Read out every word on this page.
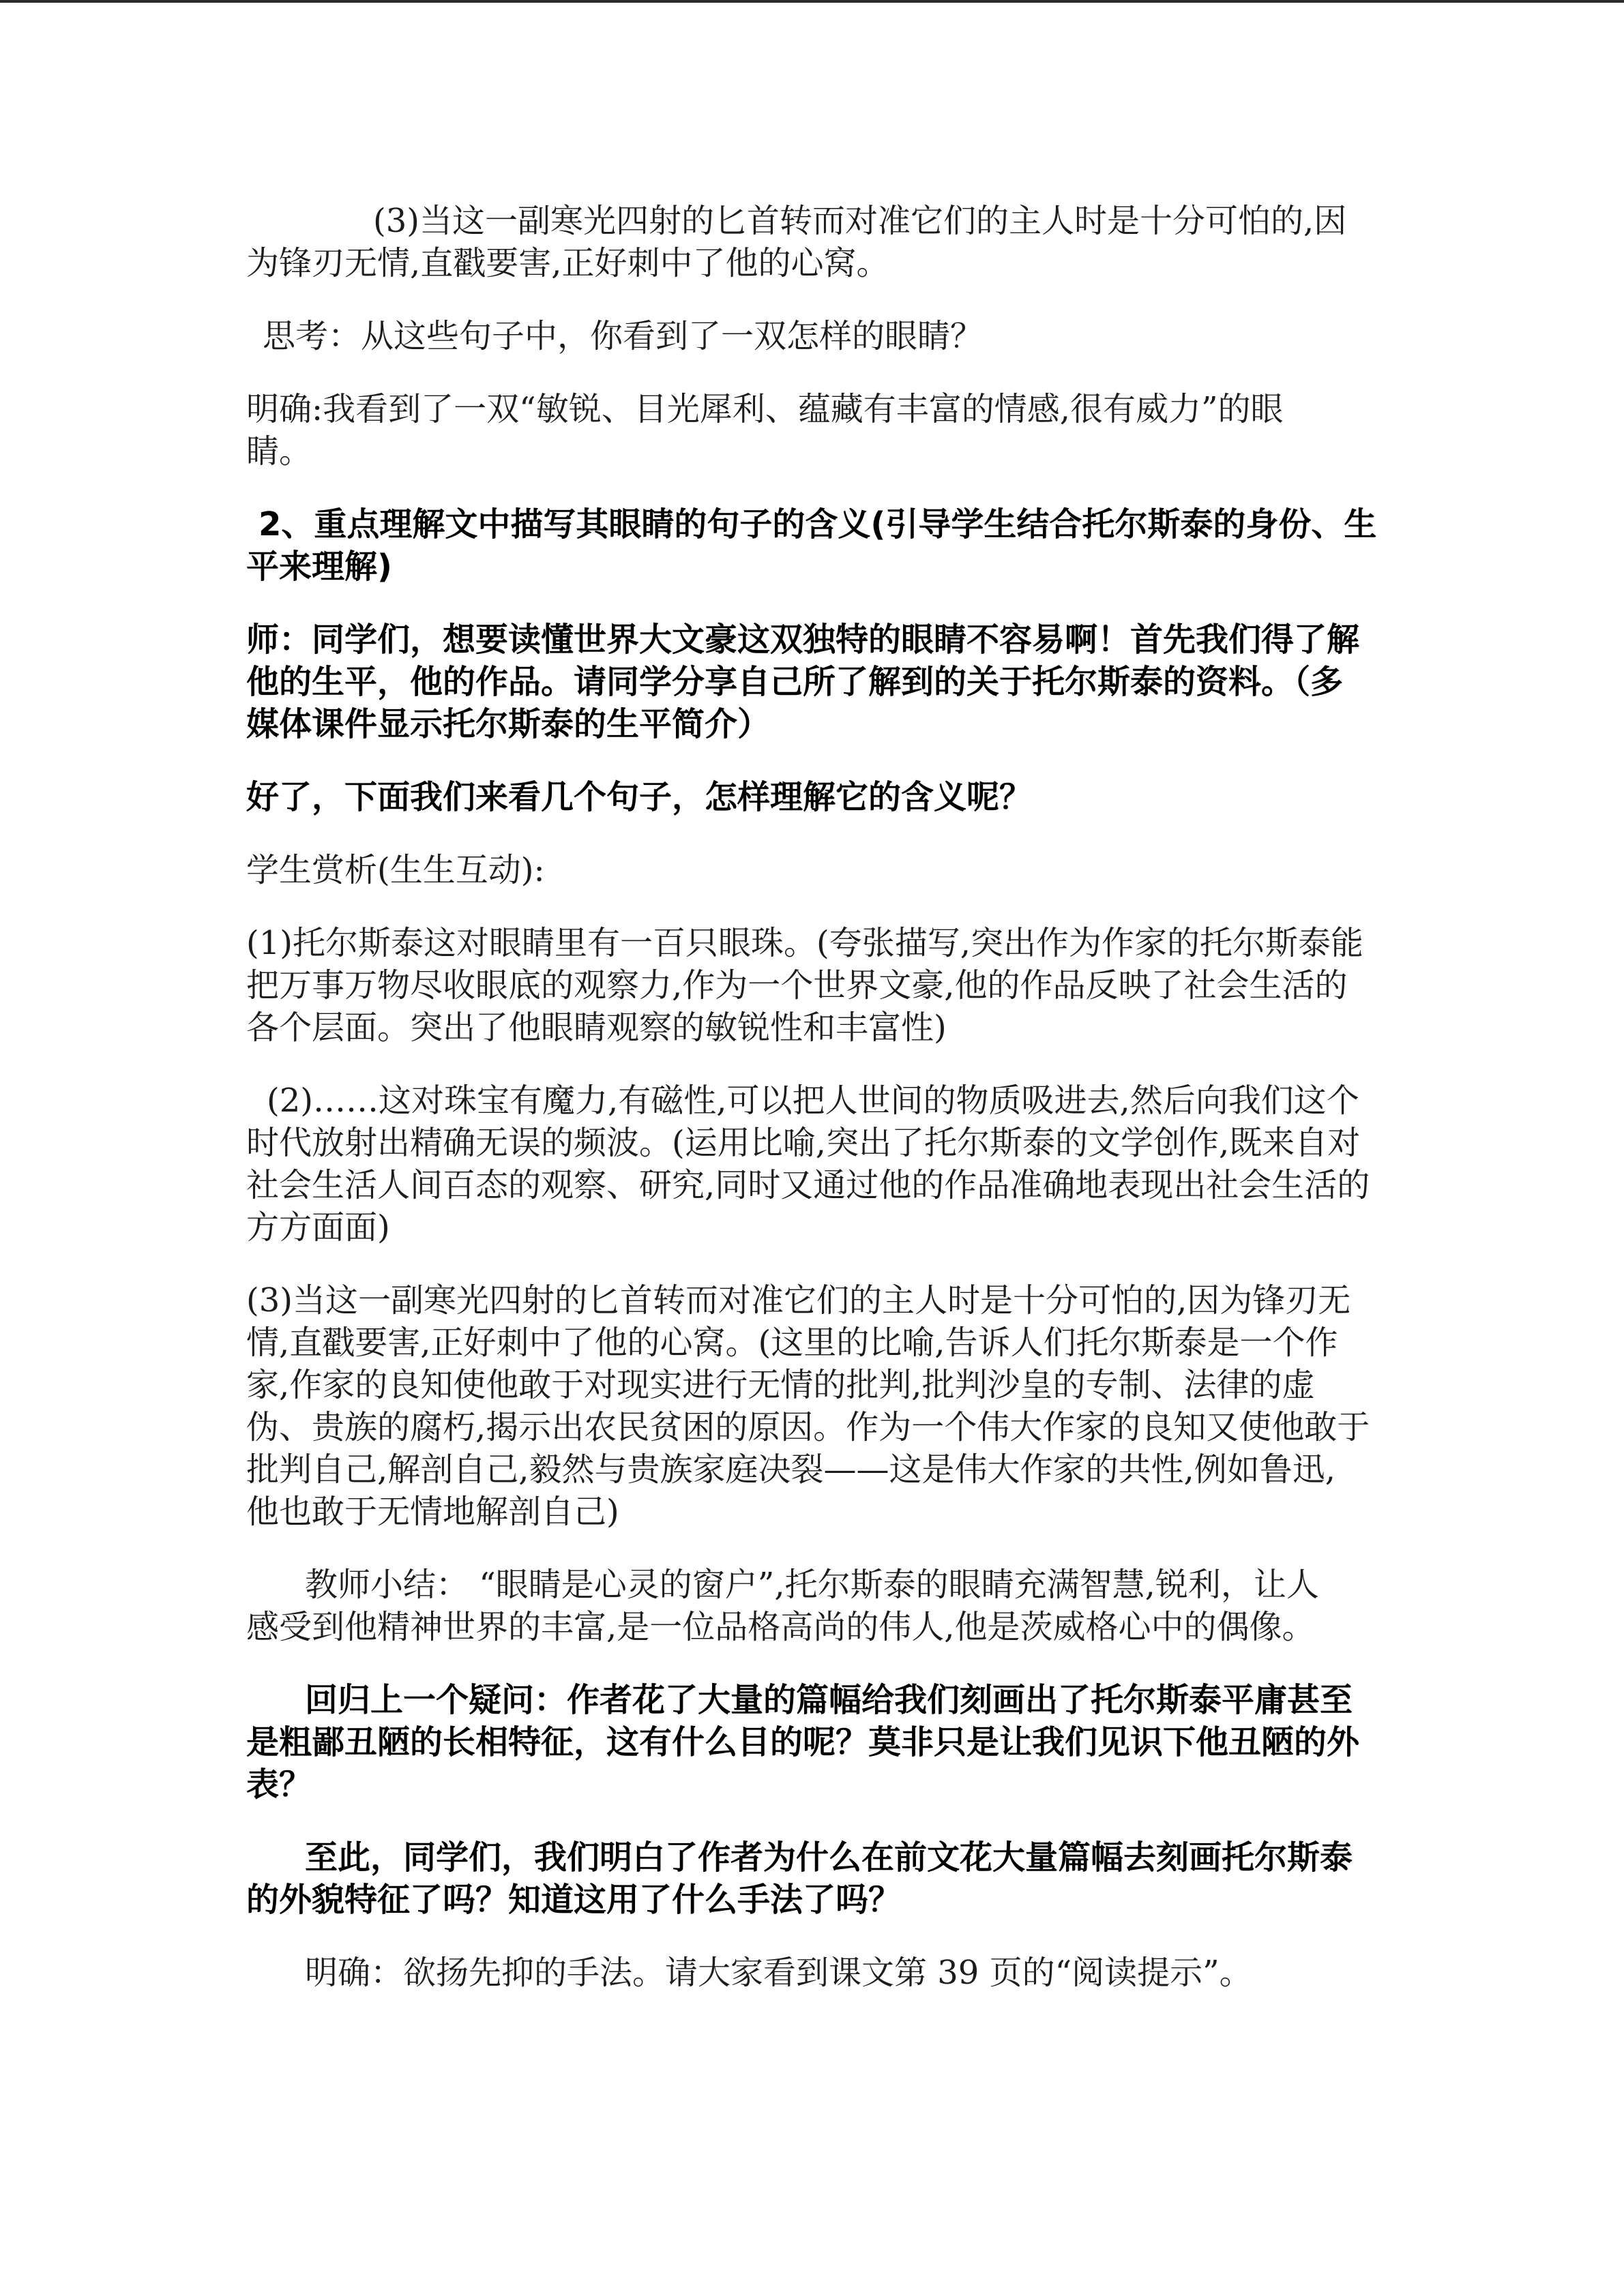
(3)当这一副寒光四射的匕首转而对准它们的主人时是十分可怕的,因
为锋刃无情,直戳要害,正好刺中了他的心窝。
思考：从这些句子中，你看到了一双怎样的眼睛？
明确:我看到了一双“敏锐、目光犀利、蕴藏有丰富的情感,很有威力”的眼
睛。
2、重点理解文中描写其眼睛的句子的含义(引导学生结合托尔斯泰的身份、生
平来理解)
师：同学们，想要读懂世界大文豪这双独特的眼睛不容易啊！首先我们得了解
他的生平，他的作品。请同学分享自己所了解到的关于托尔斯泰的资料。（多
媒体课件显示托尔斯泰的生平简介）
好了，下面我们来看几个句子，怎样理解它的含义呢？
学生赏析(生生互动):
(1)托尔斯泰这对眼睛里有一百只眼珠。(夸张描写,突出作为作家的托尔斯泰能
把万事万物尽收眼底的观察力,作为一个世界文豪,他的作品反映了社会生活的
各个层面。突出了他眼睛观察的敏锐性和丰富性)
(2)……这对珠宝有魔力,有磁性,可以把人世间的物质吸进去,然后向我们这个
时代放射出精确无误的频波。(运用比喻,突出了托尔斯泰的文学创作,既来自对
社会生活人间百态的观察、研究,同时又通过他的作品准确地表现出社会生活的
方方面面)
(3)当这一副寒光四射的匕首转而对准它们的主人时是十分可怕的,因为锋刃无
情,直戳要害,正好刺中了他的心窝。(这里的比喻,告诉人们托尔斯泰是一个作
家,作家的良知使他敢于对现实进行无情的批判,批判沙皇的专制、法律的虚
伪、贵族的腐朽,揭示出农民贫困的原因。作为一个伟大作家的良知又使他敢于
批判自己,解剖自己,毅然与贵族家庭决裂——这是伟大作家的共性,例如鲁迅,
他也敢于无情地解剖自己)
教师小结： “眼睛是心灵的窗户”,托尔斯泰的眼睛充满智慧,锐利，让人
感受到他精神世界的丰富,是一位品格高尚的伟人,他是茨威格心中的偶像。
回归上一个疑问：作者花了大量的篇幅给我们刻画出了托尔斯泰平庸甚至
是粗鄙丑陋的长相特征，这有什么目的呢？莫非只是让我们见识下他丑陋的外
表？
至此，同学们，我们明白了作者为什么在前文花大量篇幅去刻画托尔斯泰
的外貌特征了吗？知道这用了什么手法了吗？
明确：欲扬先抑的手法。请大家看到课文第 39 页的“阅读提示”。
